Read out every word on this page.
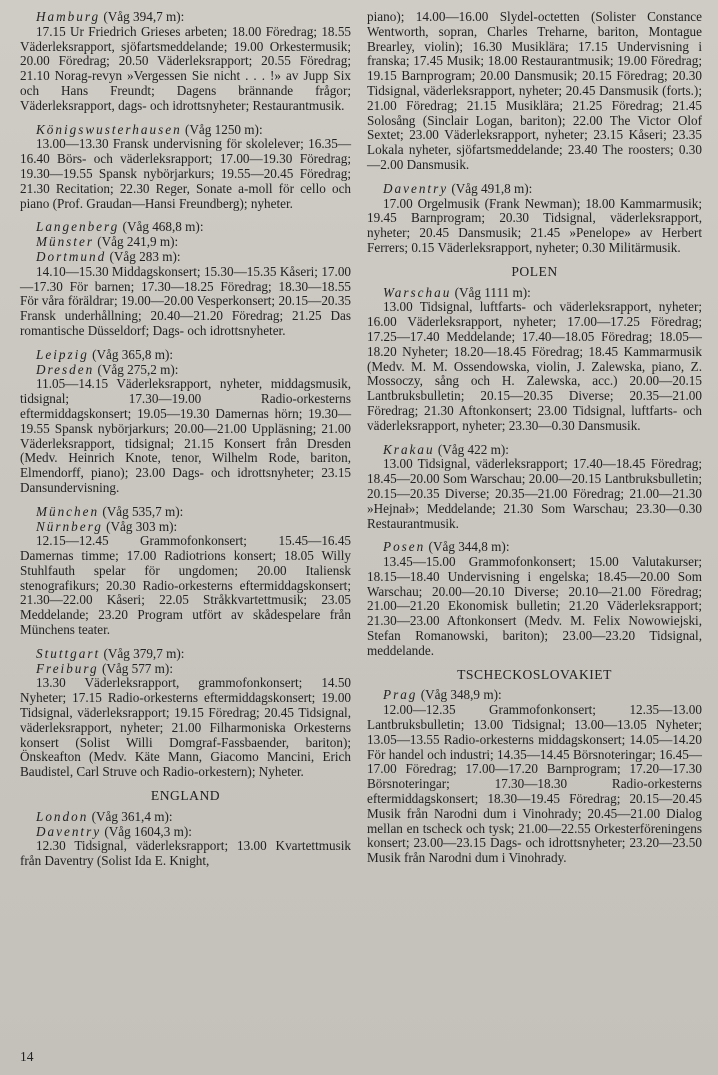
Hamburg (Våg 394,7 m):
17.15 Ur Friedrich Grieses arbeten; 18.00 Föredrag; 18.55 Väderleksrapport, sjöfartsmeddelande; 19.00 Orkestermusik; 20.00 Föredrag; 20.50 Väderleksrapport; 20.55 Föredrag; 21.10 Norag-revyn »Vergessen Sie nicht . . . !» av Jupp Six och Hans Freundt; Dagens brännande frågor; Väderleksrapport, dags- och idrottsnyheter; Restaurantmusik.
Königswusterhausen (Våg 1250 m):
13.00—13.30 Fransk undervisning för skolelever; 16.35—16.40 Börs- och väderleksrapport; 17.00—19.30 Föredrag; 19.30—19.55 Spansk nybörjarkurs; 19.55—20.45 Föredrag; 21.30 Recitation; 22.30 Reger, Sonate a-moll för cello och piano (Prof. Graudan—Hansi Freundberg); nyheter.
Langenberg (Våg 468,8 m):
Münster (Våg 241,9 m):
Dortmund (Våg 283 m):
14.10—15.30 Middagskonsert; 15.30—15.35 Kåseri; 17.00—17.30 För barnen; 17.30—18.25 Föredrag; 18.30—18.55 För våra föräldrar; 19.00—20.00 Vesperkonsert; 20.15—20.35 Fransk underhållning; 20.40—21.20 Föredrag; 21.25 Das romantische Düsseldorf; Dags- och idrottsnyheter.
Leipzig (Våg 365,8 m):
Dresden (Våg 275,2 m):
11.05—14.15 Väderleksrapport, nyheter, middagsmusik, tidsignal; 17.30—19.00 Radio-orkesterns eftermiddagskonsert; 19.05—19.30 Damernas hörn; 19.30—19.55 Spansk nybörjarkurs; 20.00—21.00 Uppläsning; 21.00 Väderleksrapport, tidsignal; 21.15 Konsert från Dresden (Medv. Heinrich Knote, tenor, Wilhelm Rode, bariton, Elmendorff, piano); 23.00 Dags- och idrottsnyheter; 23.15 Dansundervisning.
München (Våg 535,7 m):
Nürnberg (Våg 303 m):
12.15—12.45 Grammofonkonsert; 15.45—16.45 Damernas timme; 17.00 Radiotrions konsert; 18.05 Willy Stuhlfauth spelar för ungdomen; 20.00 Italiensk stenografikurs; 20.30 Radio-orkesterns eftermiddagskonsert; 21.30—22.00 Kåseri; 22.05 Stråkkvartettmusik; 23.05 Meddelande; 23.20 Program utfört av skådespelare från Münchens teater.
Stuttgart (Våg 379,7 m):
Freiburg (Våg 577 m):
13.30 Väderleksrapport, grammofonkonsert; 14.50 Nyheter; 17.15 Radio-orkesterns eftermiddagskonsert; 19.00 Tidsignal, väderleksrapport; 19.15 Föredrag; 20.45 Tidsignal, väderleksrapport, nyheter; 21.00 Filharmoniska Orkesterns konsert (Solist Willi Domgraf-Fassbaender, bariton); Önskeafton (Medv. Käte Mann, Giacomo Mancini, Erich Baudistel, Carl Struve och Radio-orkestern); Nyheter.
ENGLAND
London (Våg 361,4 m):
Daventry (Våg 1604,3 m):
12.30 Tidsignal, väderleksrapport; 13.00 Kvartettmusik från Daventry (Solist Ida E. Knight,
piano); 14.00—16.00 Slydel-octetten (Solister Constance Wentworth, sopran, Charles Treharne, bariton, Montague Brearley, violin); 16.30 Musiklära; 17.15 Undervisning i franska; 17.45 Musik; 18.00 Restaurantmusik; 19.00 Föredrag; 19.15 Barnprogram; 20.00 Dansmusik; 20.15 Föredrag; 20.30 Tidsignal, väderleksrapport, nyheter; 20.45 Dansmusik (forts.); 21.00 Föredrag; 21.15 Musiklära; 21.25 Föredrag; 21.45 Solosång (Sinclair Logan, bariton); 22.00 The Victor Olof Sextet; 23.00 Väderleksrapport, nyheter; 23.15 Kåseri; 23.35 Lokala nyheter, sjöfartsmeddelande; 23.40 The roosters; 0.30—2.00 Dansmusik.
Daventry (Våg 491,8 m):
17.00 Orgelmusik (Frank Newman); 18.00 Kammarmusik; 19.45 Barnprogram; 20.30 Tidsignal, väderleksrapport, nyheter; 20.45 Dansmusik; 21.45 »Penelope» av Herbert Ferrers; 0.15 Väderleksrapport, nyheter; 0.30 Militärmusik.
POLEN
Warschau (Våg 1111 m):
13.00 Tidsignal, luftfarts- och väderleksrapport, nyheter; 16.00 Väderleksrapport, nyheter; 17.00—17.25 Föredrag; 17.25—17.40 Meddelande; 17.40—18.05 Föredrag; 18.05—18.20 Nyheter; 18.20—18.45 Föredrag; 18.45 Kammarmusik (Medv. M. M. Ossendowska, violin, J. Zalewska, piano, Z. Mossoczy, sång och H. Zalewska, acc.) 20.00—20.15 Lantbruksbulletin; 20.15—20.35 Diverse; 20.35—21.00 Föredrag; 21.30 Aftonkonsert; 23.00 Tidsignal, luftfarts- och väderleksrapport, nyheter; 23.30—0.30 Dansmusik.
Krakau (Våg 422 m):
13.00 Tidsignal, väderleksrapport; 17.40—18.45 Föredrag; 18.45—20.00 Som Warschau; 20.00—20.15 Lantbruksbulletin; 20.15—20.35 Diverse; 20.35—21.00 Föredrag; 21.00—21.30 »Hejnał»; Meddelande; 21.30 Som Warschau; 23.30—0.30 Restaurantmusik.
Posen (Våg 344,8 m):
13.45—15.00 Grammofonkonsert; 15.00 Valutakurser; 18.15—18.40 Undervisning i engelska; 18.45—20.00 Som Warschau; 20.00—20.10 Diverse; 20.10—21.00 Föredrag; 21.00—21.20 Ekonomisk bulletin; 21.20 Väderleksrapport; 21.30—23.00 Aftonkonsert (Medv. M. Felix Nowowiejski, Stefan Romanowski, bariton); 23.00—23.20 Tidsignal, meddelande.
TSCHECKOSLOVAKIET
Prag (Våg 348,9 m):
12.00—12.35 Grammofonkonsert; 12.35—13.00 Lantbruksbulletin; 13.00 Tidsignal; 13.00—13.05 Nyheter; 13.05—13.55 Radio-orkesterns middagskonsert; 14.05—14.20 För handel och industri; 14.35—14.45 Börsnoteringar; 16.45—17.00 Föredrag; 17.00—17.20 Barnprogram; 17.20—17.30 Börsnoteringar; 17.30—18.30 Radio-orkesterns eftermiddagskonsert; 18.30—19.45 Föredrag; 20.15—20.45 Musik från Narodni dum i Vinohrady; 20.45—21.00 Dialog mellan en tscheck och tysk; 21.00—22.55 Orkesterföreningens konsert; 23.00—23.15 Dags- och idrottsnyheter; 23.20—23.50 Musik från Narodni dum i Vinohrady.
14
